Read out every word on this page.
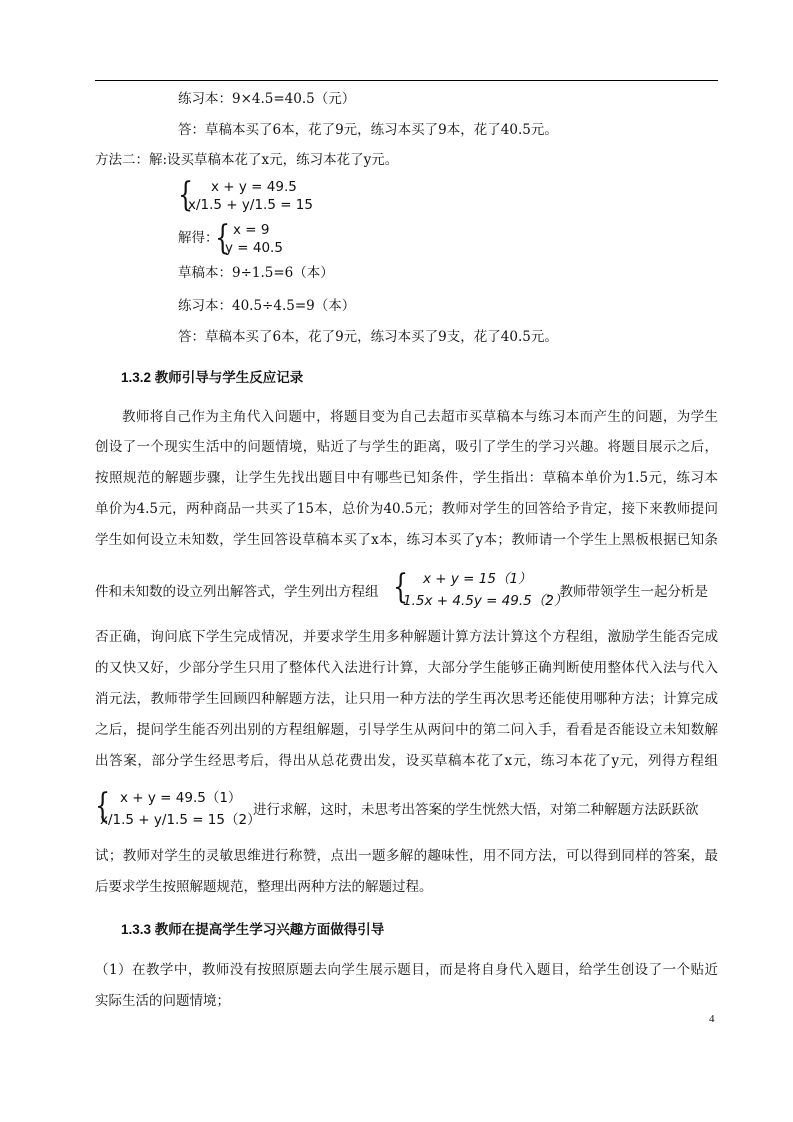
练习本：9×4.5=40.5（元）
答：草稿本买了6本，花了9元，练习本买了9本，花了40.5元。
方法二：解:设买草稿本花了x元，练习本花了y元。
{ x + y = 49.5
x/1.5 + y/1.5 = 15
解得：
{ x = 9
y = 40.5
草稿本：9÷1.5=6（本）
练习本：40.5÷4.5=9（本）
答：草稿本买了6本，花了9元，练习本买了9支，花了40.5元。
1.3.2 教师引导与学生反应记录

教师将自己作为主角代入问题中，将题目变为自己去超市买草稿本与练习本而产生的问题，为学生

创设了一个现实生活中的问题情境，贴近了与学生的距离，吸引了学生的学习兴趣。将题目展示之后，

按照规范的解题步骤，让学生先找出题目中有哪些已知条件，学生指出：草稿本单价为1.5元，练习本

单价为4.5元，两种商品一共买了15本，总价为40.5元；教师对学生的回答给予肯定，接下来教师提问

学生如何设立未知数，学生回答设草稿本买了x本，练习本买了y本；教师请一个学生上黑板根据已知条

件和未知数的设立列出解答式，学生列出方程组 { x + y = 15（1）
1.5x + 4.5y = 49.5（2）
，教师带领学生一起分析是

否正确，询问底下学生完成情况，并要求学生用多种解题计算方法计算这个方程组，激励学生能否完成

的又快又好，少部分学生只用了整体代入法进行计算，大部分学生能够正确判断使用整体代入法与代入

消元法，教师带学生回顾四种解题方法，让只用一种方法的学生再次思考还能使用哪种方法；计算完成

之后，提问学生能否列出别的方程组解题，引导学生从两问中的第二问入手，看看是否能设立未知数解

出答案，部分学生经思考后，得出从总花费出发，设买草稿本花了x元，练习本花了y元，列得方程组

{ x + y = 49.5（1）
x/1.5 + y/1.5 = 15（2）
进行求解，这时，未思考出答案的学生恍然大悟，对第二种解题方法跃跃欲

试；教师对学生的灵敏思维进行称赞，点出一题多解的趣味性，用不同方法，可以得到同样的答案，最

后要求学生按照解题规范，整理出两种方法的解题过程。

1.3.3 教师在提高学生学习兴趣方面做得引导

（1）在教学中，教师没有按照原题去向学生展示题目，而是将自身代入题目，给学生创设了一个贴近

实际生活的问题情境；

4
